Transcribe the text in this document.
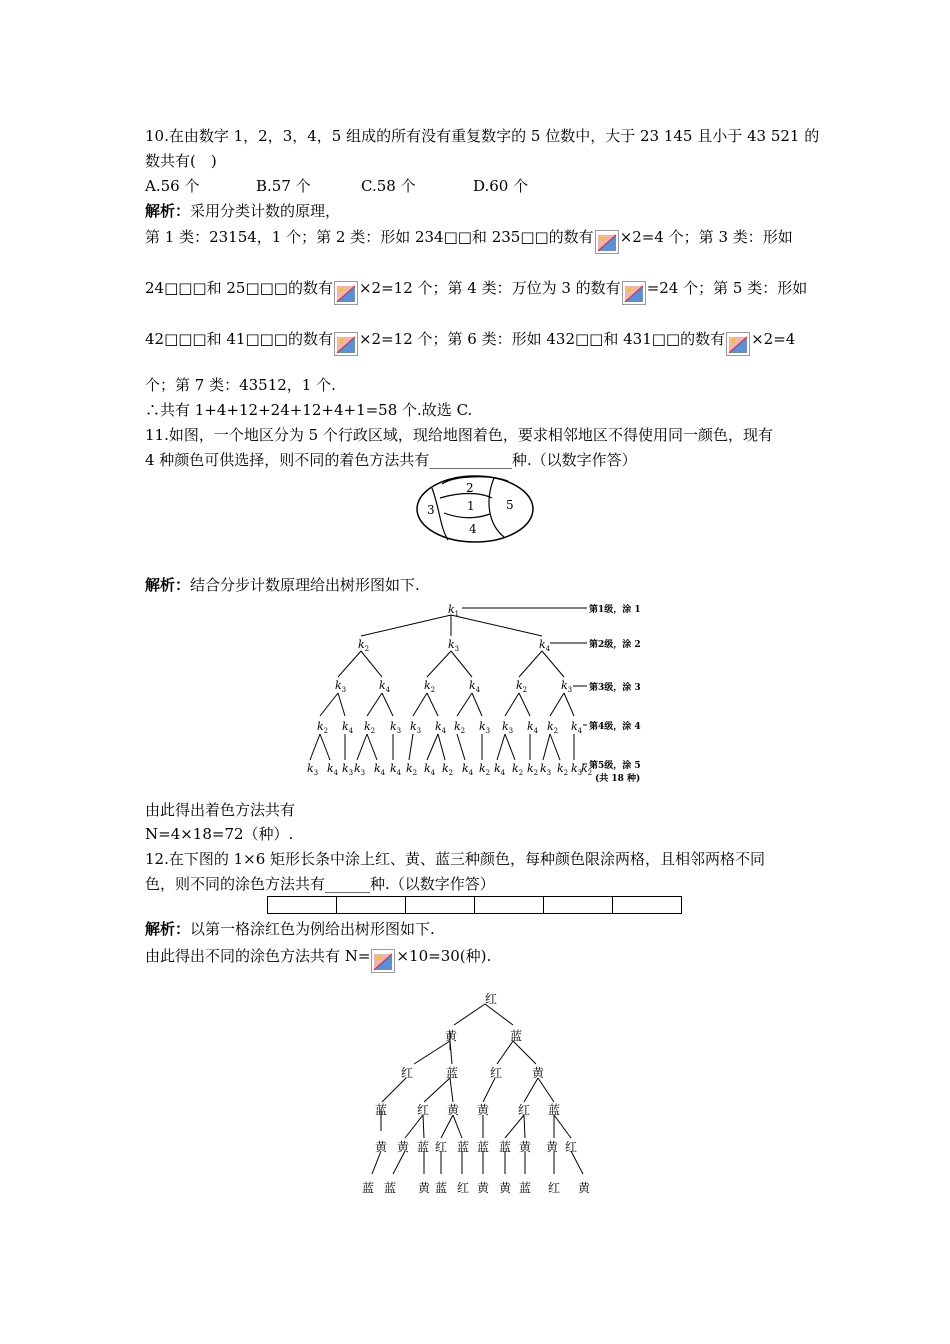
10.在由数字 1，2，3，4，5 组成的所有没有重复数字的 5 位数中，大于 23 145 且小于 43 521 的
数共有(　)
A.56 个	B.57 个	C.58 个	D.60 个
解析：采用分类计数的原理，
第 1 类：23154，1 个；第 2 类：形如 234□□和 235□□的数有 ×2=4 个；第 3 类：形如
24□□□和 25□□□的数有 ×2=12 个；第 4 类：万位为 3 的数有 =24 个；第 5 类：形如
42□□□和 41□□□的数有 ×2=12 个；第 6 类：形如 432□□和 431□□的数有 ×2=4
个；第 7 类：43512，1 个.
∴共有 1+4+12+24+12+4+1=58 个.故选 C.
11.如图，一个地区分为 5 个行政区域，现给地图着色，要求相邻地区不得使用同一颜色，现有
4 种颜色可供选择，则不同的着色方法共有___________种.（以数字作答）
2
1
3	5
4
解析：结合分步计数原理给出树形图如下.
$k_1$
$k_2$	$k_3$	$k_4$
$k_3$	$k_4$	$k_2$	$k_4$	$k_2$	$k_3$
$k_2$ $k_4$ $k_2$ $k_3$ $k_3$ $k_4$ $k_2$ $k_3$ $k_3$ $k_4$ $k_2$ $k_4$
$k_3$ $k_4$ $k_3$ $k_3$ $k_4$ $k_4$ $k_2$ $k_4$ $k_2$ $k_4$ $k_2$ $k_4$ $k_2$ $k_2$ $k_3$ $k_2$ $k_3$
$k_2$
第1级，涂 1
第2级，涂 2
第3级，涂 3
第4级，涂 4
第5级，涂 5
(共 18 种)
由此得出着色方法共有
N=4×18=72（种）.
12.在下图的 1×6 矩形长条中涂上红、黄、蓝三种颜色，每种颜色限涂两格，且相邻两格不同
色，则不同的涂色方法共有______种.（以数字作答）
解析：以第一格涂红色为例给出树形图如下.
由此得出不同的涂色方法共有 N= ×10=30(种).
红
黄	蓝
红	蓝	红 黄
蓝 红 黄 黄 红 蓝
黄 黄 蓝 红 蓝 蓝 蓝 黄 黄 红
蓝 蓝 黄 蓝 红 黄 黄 蓝 红 黄
